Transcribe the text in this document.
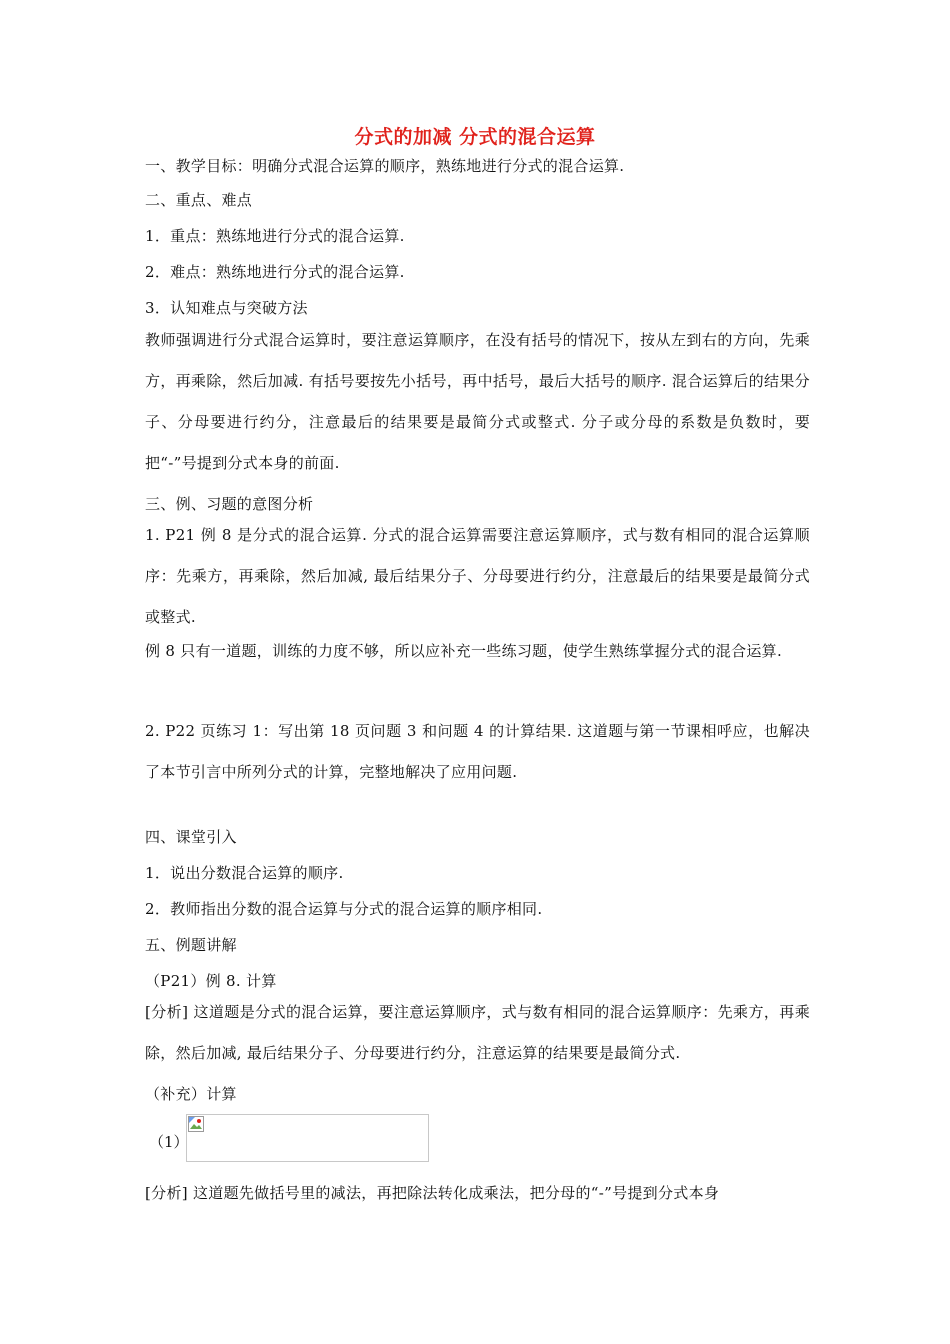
分式的加减 分式的混合运算
一、教学目标：明确分式混合运算的顺序，熟练地进行分式的混合运算.
二、重点、难点
1．重点：熟练地进行分式的混合运算.
2．难点：熟练地进行分式的混合运算.
3．认知难点与突破方法
教师强调进行分式混合运算时，要注意运算顺序，在没有括号的情况下，按从左到右的方向，先乘方，再乘除，然后加减. 有括号要按先小括号，再中括号，最后大括号的顺序. 混合运算后的结果分子、分母要进行约分，注意最后的结果要是最简分式或整式. 分子或分母的系数是负数时，要把“-”号提到分式本身的前面.
三、例、习题的意图分析
1. P21 例 8 是分式的混合运算. 分式的混合运算需要注意运算顺序，式与数有相同的混合运算顺序：先乘方，再乘除，然后加减, 最后结果分子、分母要进行约分，注意最后的结果要是最简分式或整式.
例 8 只有一道题，训练的力度不够，所以应补充一些练习题，使学生熟练掌握分式的混合运算.
2. P22 页练习 1：写出第 18 页问题 3 和问题 4 的计算结果. 这道题与第一节课相呼应，也解决了本节引言中所列分式的计算，完整地解决了应用问题.
四、课堂引入
1．说出分数混合运算的顺序.
2．教师指出分数的混合运算与分式的混合运算的顺序相同.
五、例题讲解
（P21）例 8. 计算
[分析] 这道题是分式的混合运算，要注意运算顺序，式与数有相同的混合运算顺序：先乘方，再乘除，然后加减, 最后结果分子、分母要进行约分，注意运算的结果要是最简分式.
（补充）计算
（1）
[分析] 这道题先做括号里的减法，再把除法转化成乘法，把分母的“-”号提到分式本身
